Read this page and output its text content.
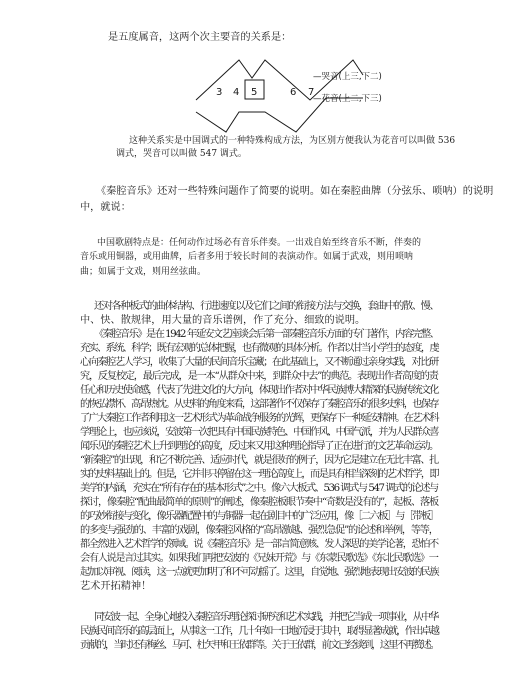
是五度属音，这两个次主要音的关系是：
3 4 5	6 7
—哭音(上三,下二)
—花音(上二,下三)
这种关系实是中国调式的一种特殊构成方法，为区别方便我认为花音可以叫做 536
调式，哭音可以叫做 547 调式。
《秦腔音乐》还对一些特殊问题作了简要的说明。如在秦腔曲牌（分弦乐、唢呐）的说明
中，就说：
中国歌剧特点是：任何动作过场必有音乐伴奏。一出戏自始至终音乐不断，伴奏的
音乐或用铜器，或用曲牌，后者多用于较长时间的表演动作。如属于武戏，则用唢呐
曲；如属于文戏，则用丝弦曲。
还对各种板式的曲体结构、行进速度以及它们之间的衔接方法与交换，套曲中的散、慢、
中、快、散规律，用大量的音乐谱例，作了充分、细致的说明。
《秦腔音乐》是在 1942 年延安文艺座谈会后第一部秦腔音乐方面的专门著作，内容完整、
充实、系统、科学；既有宏观的总体把握，也有微观的具体分析。作者以甘当小学生的态度，虔
心向秦腔艺人学习，收集了大量的民间音乐宝藏；在此基础上，又不断通过亲身实践，对比研
究，反复校定，最后完成，是一本“从群众中来，到群众中去”的典范。表现出作者高度的责
任心和历史使命感，代表了先进文化的大方向，体现出作者对中华民族博大精深的民族传统文化
的恢弘襟怀、高昂热忱。从史料的角度来看，这部著作不仅保存了秦腔音乐的很多史料，也保存
了广大秦腔工作者利用这一艺术形式为革命战争服务的光辉，更保存下一种延安精神。在艺术科
学理论上，也应该说，安波第一次把具有中国民族特色、中国作风、中国气派，并为人民群众喜
闻乐见的秦腔艺术上升到理论的高度，反过来又用这种理论指导了正在进行的文艺革命运动。
“新秦腔”的出现，和它不断完善、适应时代，就是很好的例子，因为它是建立在无比丰富、扎
实的史料基础上的。但是，它并非只停留在这一理论高度上，而是具有相当深刻的艺术哲学，即
美学的内涵，充实在“所有存在的基本形式”之中。像六大板式、536 调式与 547 调式的论述与
探讨，像秦腔“配曲最简单的原则”的阐述，像秦腔板眼节奏中“奇数是没有的”，起板、落板
的巧妙衔接与变化，像乐器配置中的与铜器一起在剧目中的广泛应用，像［二六板］与［带板］
的多变与强劲的、丰富的戏剧，像秦腔风格的“高昂激越、强烈急促”的论述和举例，等等，
都全然进入艺术哲学的领域。说《秦腔音乐》是一部言简意赅、发人深思的美学论著，恐怕不
会有人说是言过其实。如果我们再把安波的《兄妹开荒》与《东蒙民歌选》《东北民歌选》一
起加以审视、阅读，这一点就更加明了和不可动摇了。这里，自觉地、强烈地表现出安波的民族
艺术开拓精神！
同安波一起、全身心地投入秦腔音乐理论探讨研究和艺术实践，并把它当成一项事业，从中华
民族民间音乐的高层面上，从事这一工作，几十年如一日地沉浸于其中，取得显著成就，作出卓越
贡献的，当时还有梅丝、马可、杜矢甲和王依群等。关于王依群，前文已经谈到，这里不再赘述。
